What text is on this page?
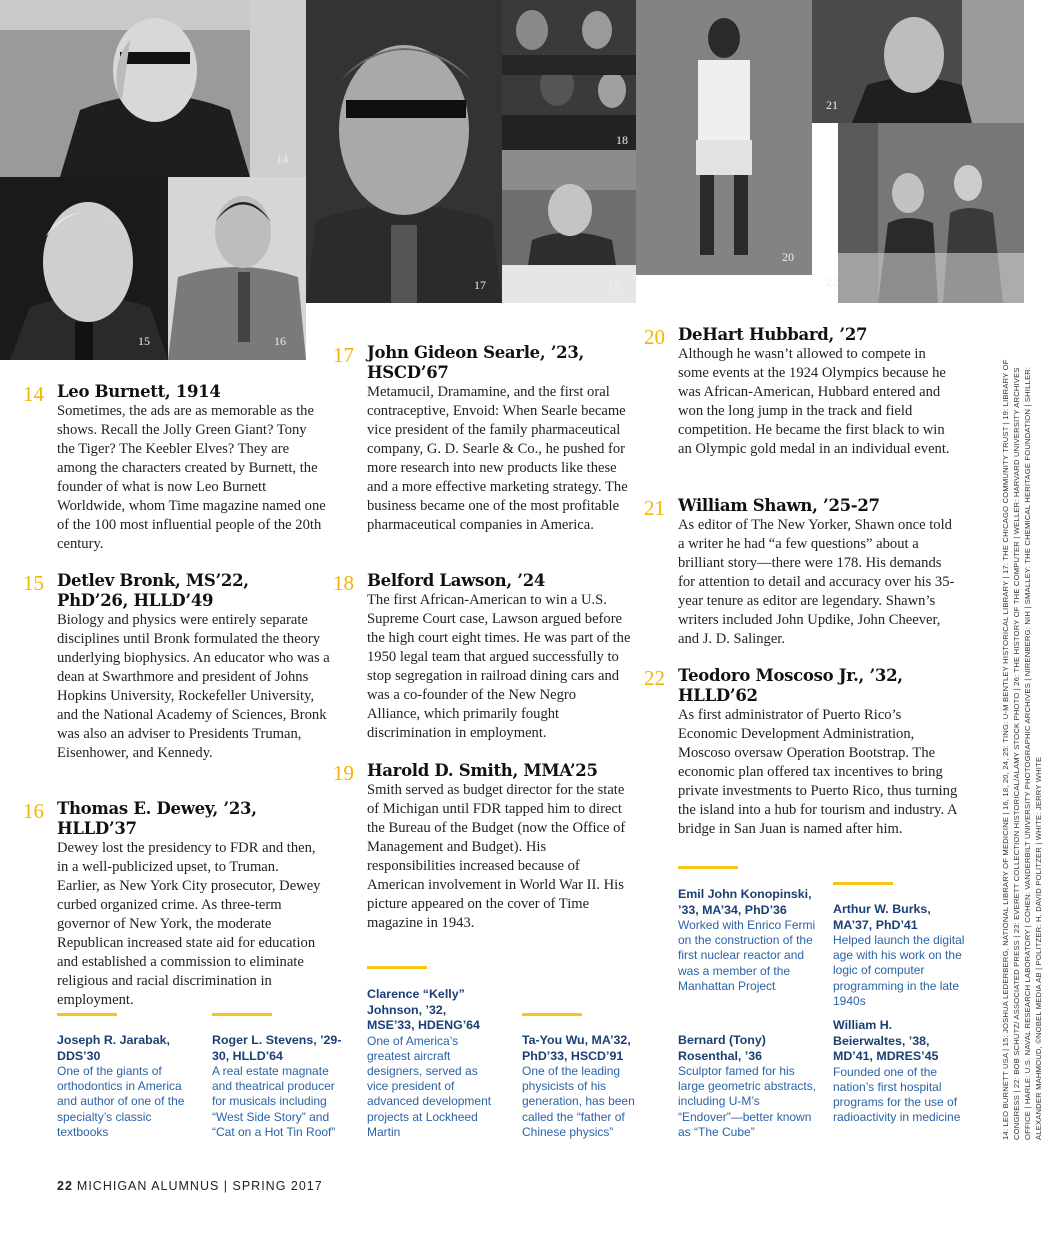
14
15	16
17
18
19
20
21
22
14 Leo Burnett, 1914

Sometimes, the ads are as memorable as the shows. Recall the Jolly Green Giant? Tony the Tiger? The Keebler Elves? They are among the characters created by Burnett, the founder of what is now Leo Burnett Worldwide, whom Time magazine named one of the 100 most influential people of the 20th century.

15 Detlev Bronk, MS’22, PhD’26, HLLD’49

Biology and physics were entirely separate disciplines until Bronk formulated the theory underlying biophysics. An educator who was a dean at Swarthmore and president of Johns Hopkins University, Rockefeller University, and the National Academy of Sciences, Bronk was also an adviser to Presidents Truman, Eisenhower, and Kennedy.

16 Thomas E. Dewey, ’23, HLLD’37

Dewey lost the presidency to FDR and then, in a well-publicized upset, to Truman. Earlier, as New York City prosecutor, Dewey curbed organized crime. As three-term governor of New York, the moderate Republican increased state aid for education and established a commission to eliminate religious and racial discrimination in employment.

17 John Gideon Searle, ’23, HSCD’67

Metamucil, Dramamine, and the first oral contraceptive, Envoid: When Searle became vice president of the family pharmaceutical company, G. D. Searle & Co., he pushed for more research into new products like these and a more effective marketing strategy. The business became one of the most profitable pharmaceutical companies in America.

18 Belford Lawson, ’24

The first African-American to win a U.S. Supreme Court case, Lawson argued before the high court eight times. He was part of the 1950 legal team that argued successfully to stop segregation in railroad dining cars and was a co-founder of the New Negro Alliance, which primarily fought discrimination in employment.

19 Harold D. Smith, MMA’25

Smith served as budget director for the state of Michigan until FDR tapped him to direct the Bureau of the Budget (now the Office of Management and Budget). His responsibilities increased because of American involvement in World War II. His picture appeared on the cover of Time magazine in 1943.

20 DeHart Hubbard, ’27

Although he wasn’t allowed to compete in some events at the 1924 Olympics because he was African-American, Hubbard entered and won the long jump in the track and field competition. He became the first black to win an Olympic gold medal in an individual event.

21 William Shawn, ’25-27

As editor of The New Yorker, Shawn once told a writer he had “a few questions” about a brilliant story—there were 178. His demands for attention to detail and accuracy over his 35-year tenure as editor are legendary. Shawn’s writers included John Updike, John Cheever, and J. D. Salinger.

22 Teodoro Moscoso Jr., ’32, HLLD’62

As first administrator of Puerto Rico’s Economic Development Administration, Moscoso oversaw Operation Bootstrap. The economic plan offered tax incentives to bring private investments to Puerto Rico, thus turning the island into a hub for tourism and industry. A bridge in San Juan is named after him.

Joseph R. Jarabak, DDS’30
One of the giants of orthodontics in America and author of one of the specialty’s classic textbooks
Roger L. Stevens, ’29-30, HLLD’64
A real estate magnate and theatrical producer for musicals including “West Side Story” and “Cat on a Hot Tin Roof”
Clarence “Kelly” Johnson, ’32, MSE’33, HDENG’64
One of America’s greatest aircraft designers, served as vice president of advanced development projects at Lockheed Martin
Ta-You Wu, MA’32, PhD’33, HSCD’91
One of the leading physicists of his generation, has been called the “father of Chinese physics”
Emil John Konopinski, ’33, MA’34, PhD’36
Worked with Enrico Fermi on the construction of the first nuclear reactor and was a member of the Manhattan Project
Bernard (Tony) Rosenthal, ’36
Sculptor famed for his large geometric abstracts, including U-M’s “Endover”—better known as “The Cube”
Arthur W. Burks, MA’37, PhD’41
Helped launch the digital age with his work on the logic of computer programming in the late 1940s
William H. Beierwaltes, ’38, MD’41, MDRES’45
Founded one of the nation’s first hospital programs for the use of radioactivity in medicine
22 MICHIGAN ALUMNUS | SPRING 2017
14: LEO BURNETT USA | 15: JOSHUA LEDERBERG, NATIONAL LIBRARY OF MEDICINE | 16, 18, 20, 24, 25: TING: U-M BENTLEY HISTORICAL LIBRARY | 17: THE CHICAGO COMMUNITY TRUST | 19: LIBRARY OF CONGRESS | 22: BOB SCHUTZ/ ASSOCIATED PRESS | 23: EVERETT COLLECTION HISTORICAL/ALAMY STOCK PHOTO | 26: THE HISTORY OF THE COMPUTER | WELLER: HARVARD UNIVERSITY ARCHIVES OFFICE | HARLE: U.S. NAVAL RESEARCH LABORATORY | COHEN: VANDERBILT UNIVERSITY PHOTOGRAPHIC ARCHIVES | NIRENBERG: NIH | SMALLEY: THE CHEMICAL HERITAGE FOUNDATION | SHILLER: ALEXANDER MAHMOUD, ©NOBEL MEDIA AB | POLITZER: H. DAVID POLITZER | WHITE: JERRY WHITE
